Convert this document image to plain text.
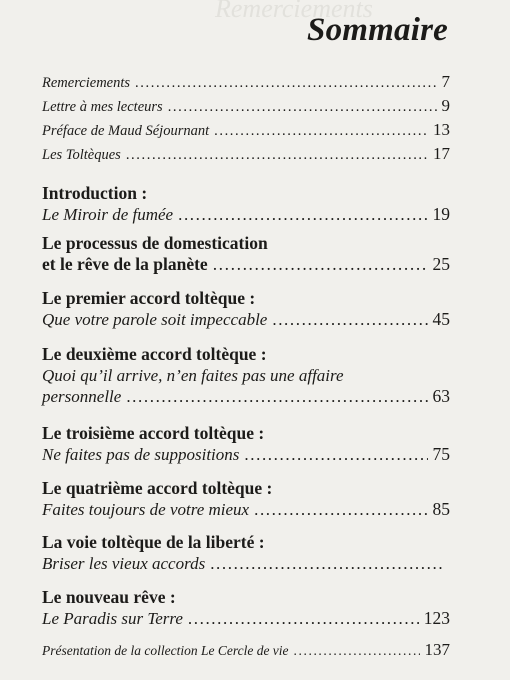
Remerciements
Sommaire
Remerciements .....	7
Lettre à mes lecteurs .....	9
Préface de Maud Séjournant .....	13
Les Toltèques .....	17
Introduction :
Le Miroir de fumée .....	19
Le processus de domestication
et le rêve de la planète .....	25
Le premier accord toltèque :
Que votre parole soit impeccable .....	45
Le deuxième accord toltèque :
Quoi qu’il arrive, n’en faites pas une affaire
personnelle .....	63
Le troisième accord toltèque :
Ne faites pas de suppositions .....	75
Le quatrième accord toltèque :
Faites toujours de votre mieux .....	85
La voie toltèque de la liberté :
Briser les vieux accords
.....
Le nouveau rêve :
Le Paradis sur Terre .....	123
Présentation de la collection Le Cercle de vie .....	137
